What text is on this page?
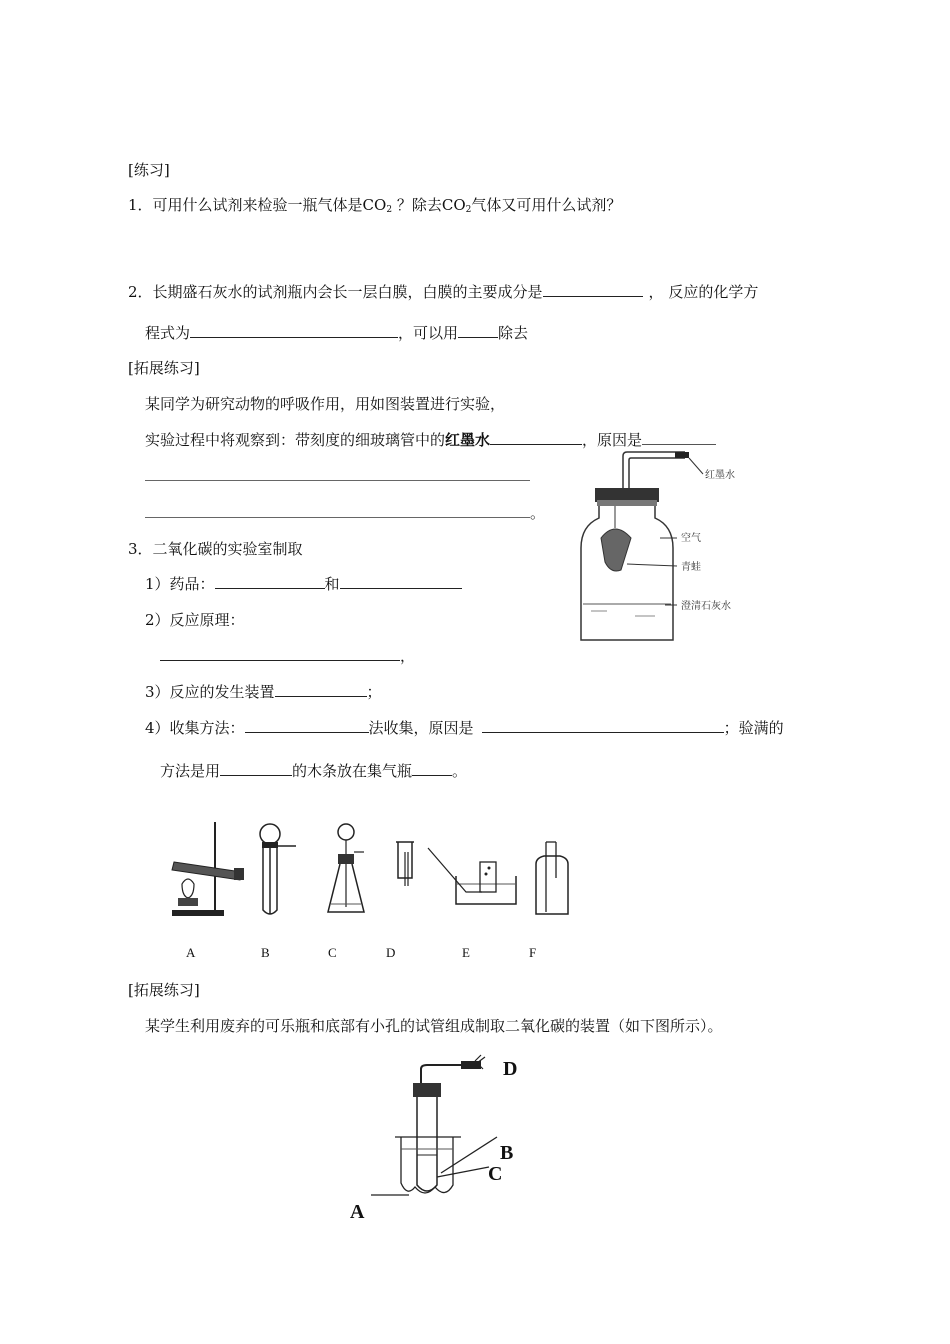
[练习]
1．可用什么试剂来检验一瓶气体是$CO_2$ ？除去$CO_2$气体又可用什么试剂？
2．长期盛石灰水的试剂瓶内会长一层白膜，白膜的主要成分是	， 反应的化学方
程式为	，可以用	除去
[拓展练习]
某同学为研究动物的呼吸作用，用如图装置进行实验，
实验过程中将观察到：带刻度的细玻璃管中的红墨水	，原因是
。
红墨水
空气
青蛙
澄清石灰水
3．二氧化碳的实验室制取
1）药品：	和
2）反应原理：
，
3）反应的发生装置	；
4）收集方法：	法收集，原因是	；验满的
方法是用	的木条放在集气瓶	。
A	B	C	D	E	F
[拓展练习]
某学生利用废弃的可乐瓶和底部有小孔的试管组成制取二氧化碳的装置（如下图所示）。
D
B
C
A
